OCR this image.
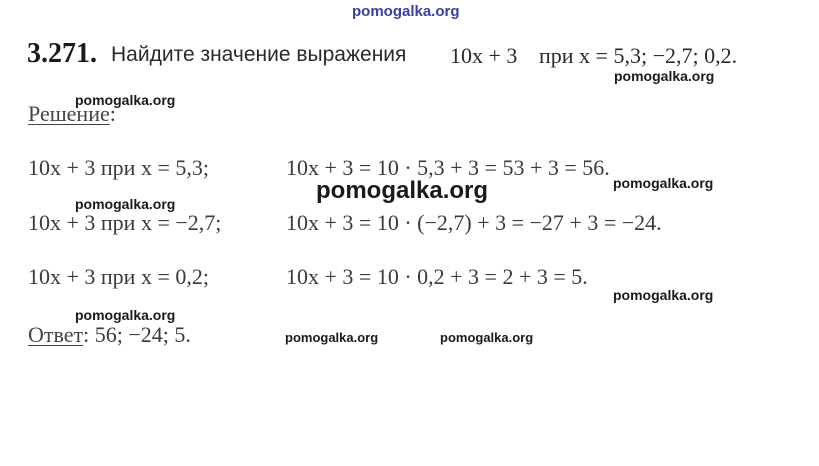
pomogalka.org
3.271. Найдите значение выражения 10x + 3 при x = 5,3; −2,7; 0,2.
pomogalka.org
pomogalka.org
Решение:
10x + 3 при x = 5,3;	10x + 3 = 10 · 5,3 + 3 = 53 + 3 = 56.
pomogalka.org
pomogalka.org
pomogalka.org
10x + 3 при x = −2,7;	10x + 3 = 10 · (−2,7) + 3 = −27 + 3 = −24.
10x + 3 при x = 0,2;	10x + 3 = 10 · 0,2 + 3 = 2 + 3 = 5.
pomogalka.org
pomogalka.org
Ответ: 56; −24; 5.	pomogalka.org	pomogalka.org
